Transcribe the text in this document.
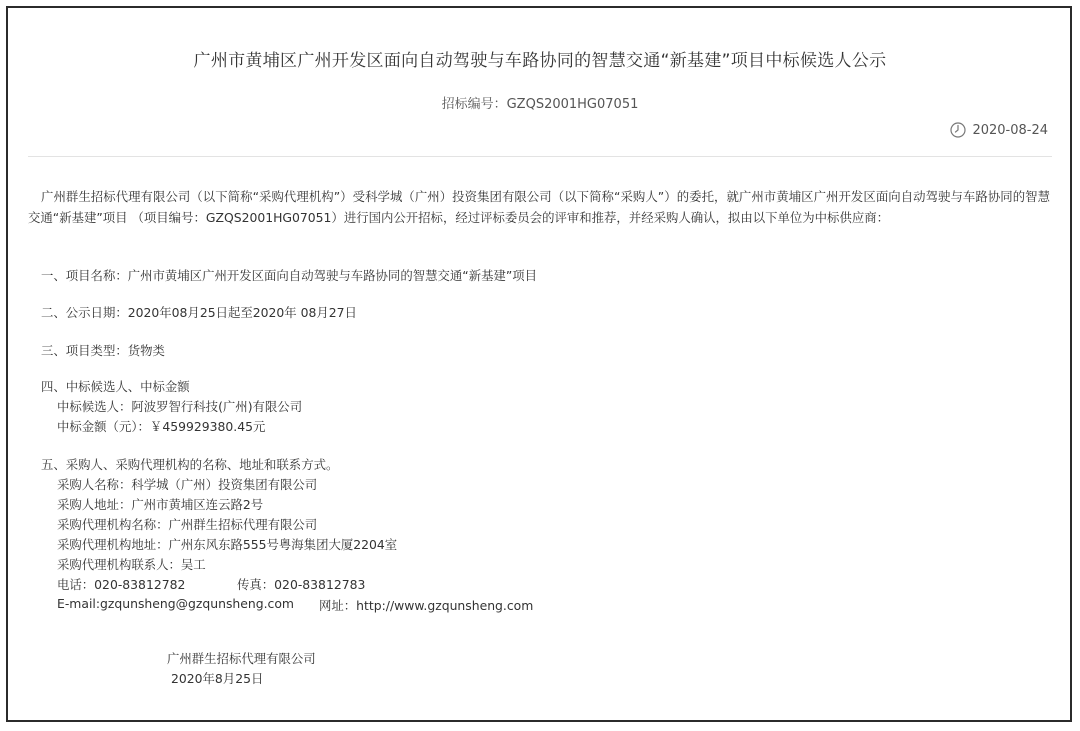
广州市黄埔区广州开发区面向自动驾驶与车路协同的智慧交通“新基建”项目中标候选人公示
招标编号：GZQS2001HG07051
2020-08-24

广州群生招标代理有限公司（以下简称“采购代理机构”）受科学城（广州）投资集团有限公司（以下简称“采购人”）的委托，就广州市黄埔区广州开发区面向自动驾驶与车路协同的智慧交通“新基建”项目 （项目编号：GZQS2001HG07051）进行国内公开招标，经过评标委员会的评审和推荐，并经采购人确认，拟由以下单位为中标供应商：

一、项目名称：广州市黄埔区广州开发区面向自动驾驶与车路协同的智慧交通“新基建”项目
二、公示日期：2020年08月25日起至2020年 08月27日
三、项目类型：货物类
四、中标候选人、中标金额
中标候选人：阿波罗智行科技(广州)有限公司
中标金额（元）：￥459929380.45元
五、采购人、采购代理机构的名称、地址和联系方式。
采购人名称：科学城（广州）投资集团有限公司
采购人地址：广州市黄埔区连云路2号
采购代理机构名称：广州群生招标代理有限公司
采购代理机构地址：广州东风东路555号粤海集团大厦2204室
采购代理机构联系人：吴工
电话：020-83812782	传真：020-83812783
E-mail:gzqunsheng@gzqunsheng.com 网址：http://www.gzqunsheng.com
广州群生招标代理有限公司
2020年8月25日
